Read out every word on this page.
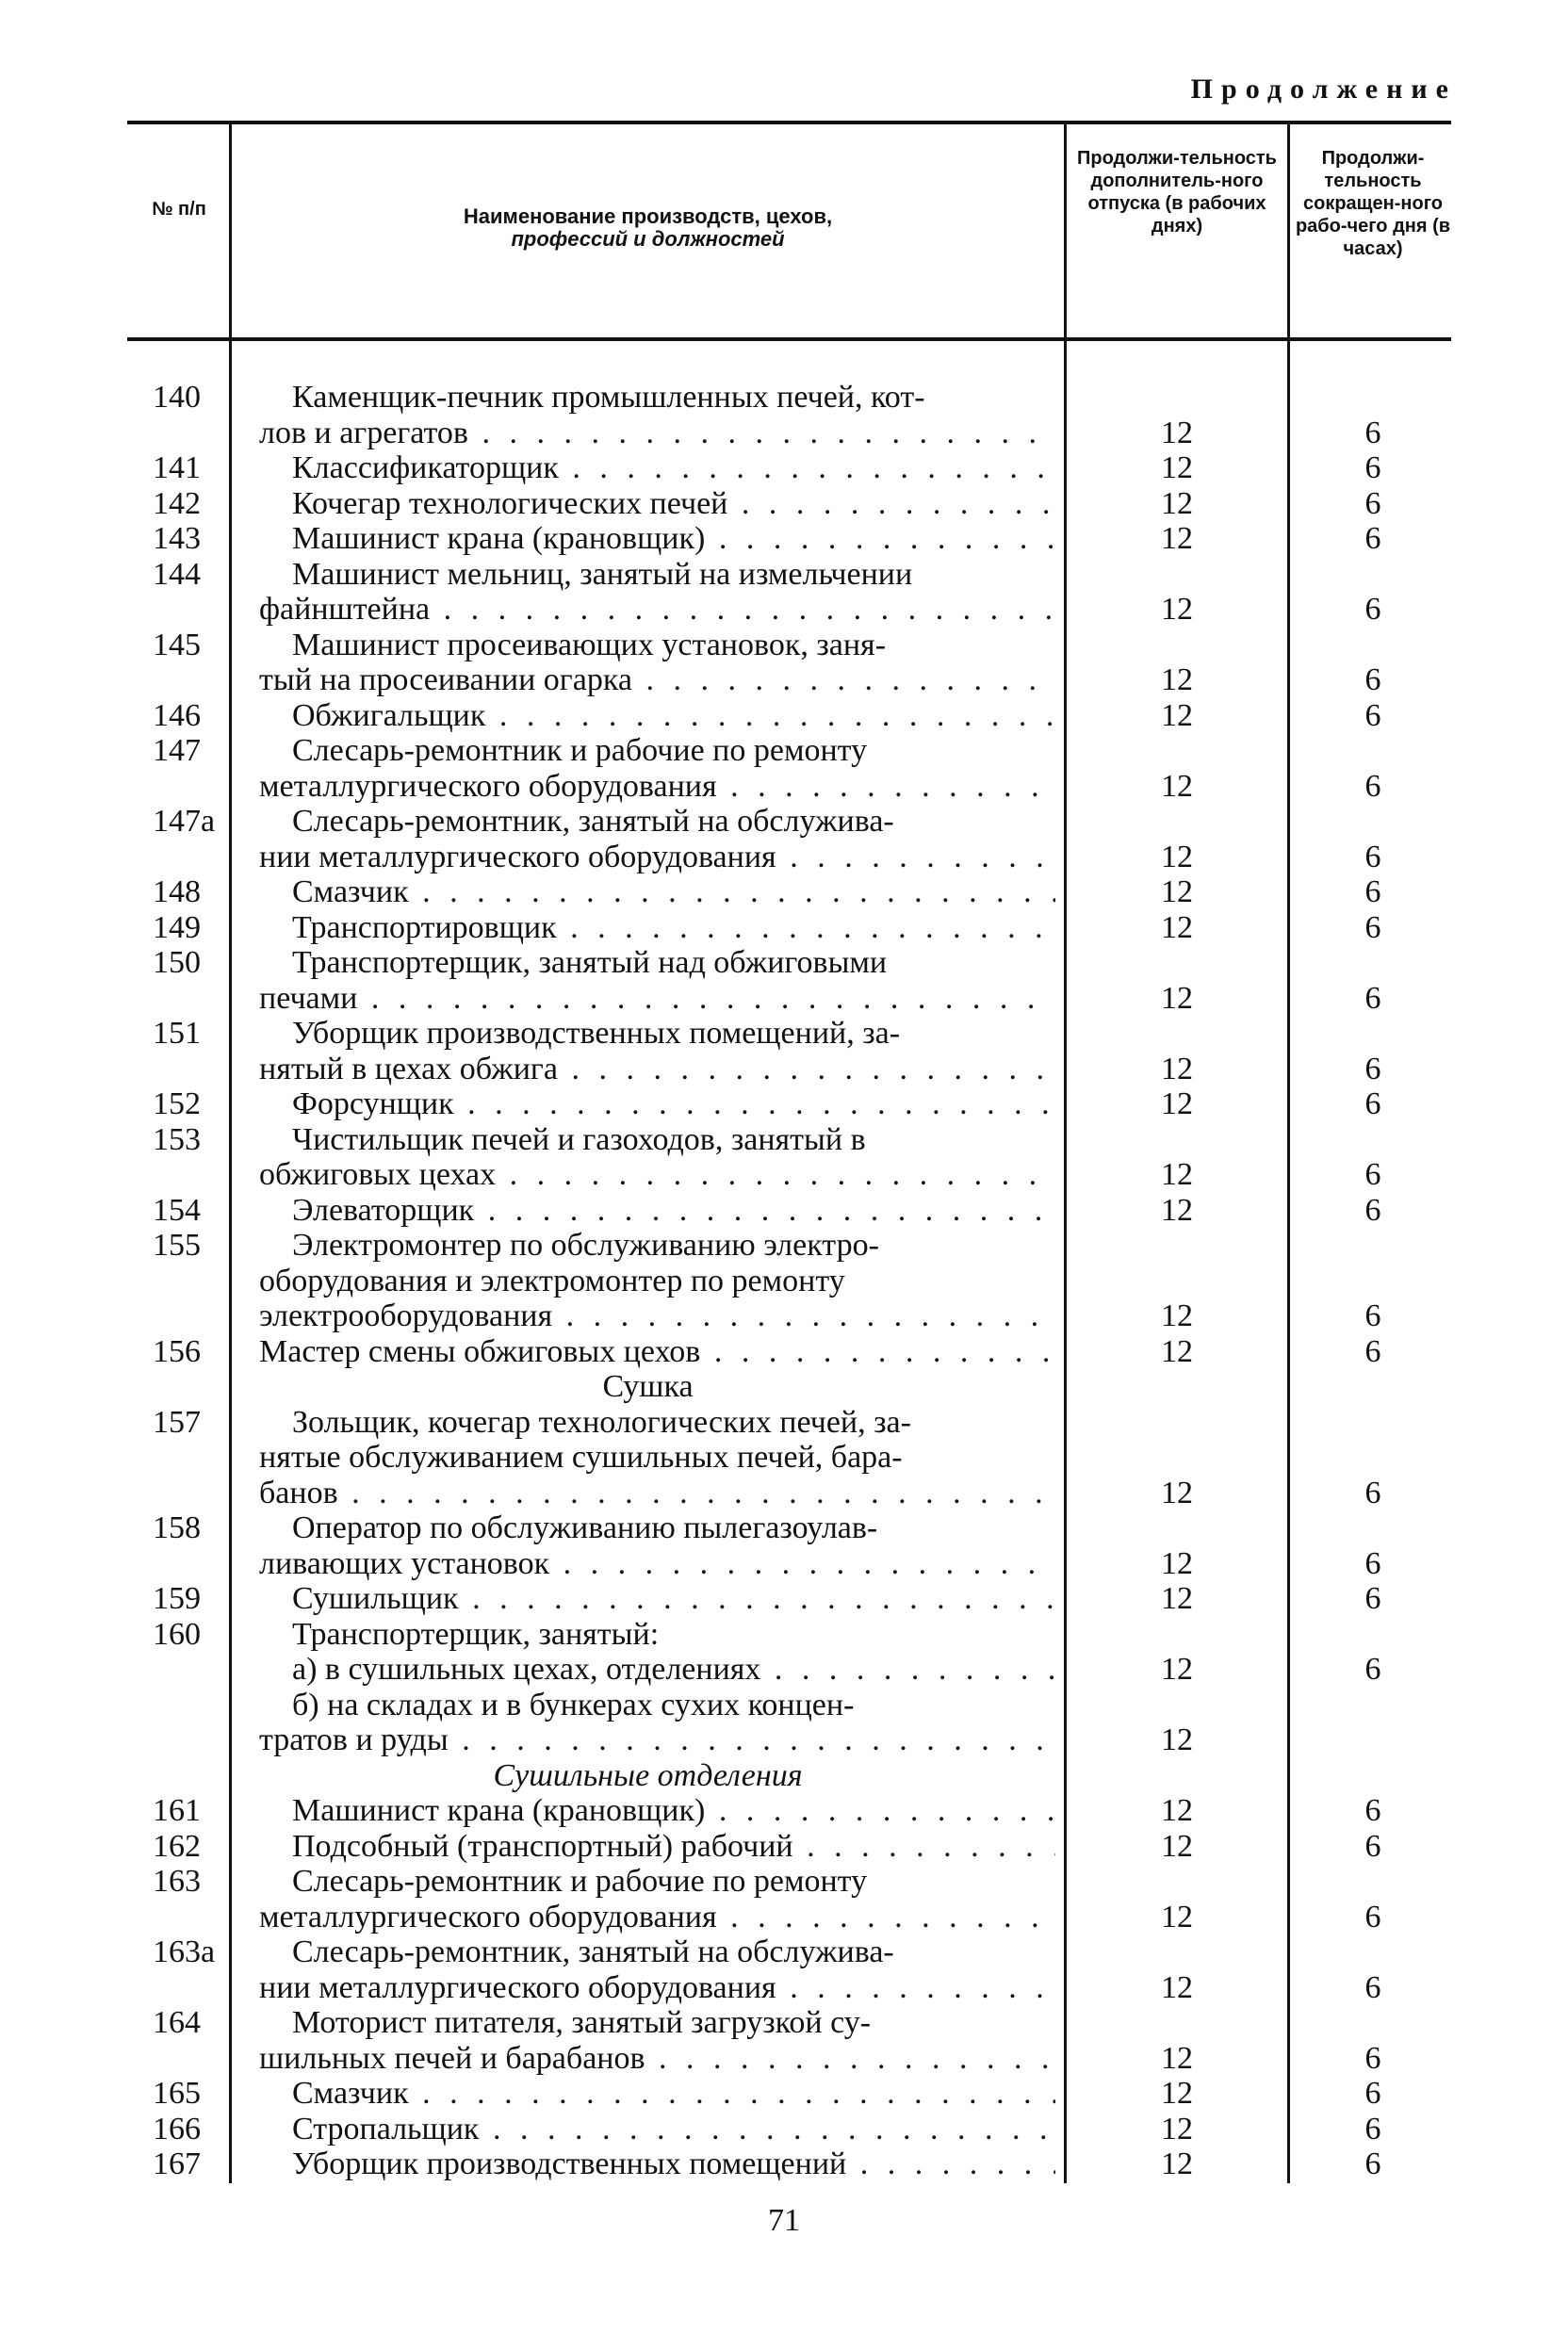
Продолжение
№ п/п	Наименование производств, цехов,
профессий и должностей
Продолжи-тельность дополнитель-ного отпуска (в рабочих днях)
Продолжи-тельность сокращен-ного рабо-чего дня (в часах)
140	Каменщик-печник промышленных печей, кот-
лов и агрегатов . . .	12	6
141	Классификаторщик . . .	12	6
142	Кочегар технологических печей . . .	12	6
143	Машинист крана (крановщик) . . .	12	6
144	Машинист мельниц, занятый на измельчении
файнштейна . . .	12	6
145	Машинист просеивающих установок, заня-
тый на просеивании огарка . . .	12	6
146	Обжигальщик . . .	12	6
147	Слесарь-ремонтник и рабочие по ремонту
металлургического оборудования . . .	12	6
147а	Слесарь-ремонтник, занятый на обслужива-
нии металлургического оборудования . . .	12	6
148	Смазчик . . .	12	6
149	Транспортировщик . . .	12	6
150	Транспортерщик, занятый над обжиговыми
печами . . .	12	6
151	Уборщик производственных помещений, за-
нятый в цехах обжига . . .	12	6
152	Форсунщик . . .	12	6
153	Чистильщик печей и газоходов, занятый в
обжиговых цехах . . .	12	6
154	Элеваторщик . . .	12	6
155	Электромонтер по обслуживанию электро-
оборудования и электромонтер по ремонту
электрооборудования . . .	12	6
156	Мастер смены обжиговых цехов . . .	12	6
Сушка
157	Зольщик, кочегар технологических печей, за-
нятые обслуживанием сушильных печей, бара-
банов . . .	12	6
158	Оператор по обслуживанию пылегазоулав-
ливающих установок . . .	12	6
159	Сушильщик . . .	12	6
160	Транспортерщик, занятый:
а) в сушильных цехах, отделениях . . .	12	6
б) на складах и в бункерах сухих концен-
тратов и руды . . .	12
Сушильные отделения
161	Машинист крана (крановщик) . . .	12	6
162	Подсобный (транспортный) рабочий . . .	12	6
163	Слесарь-ремонтник и рабочие по ремонту
металлургического оборудования . . .	12	6
163а	Слесарь-ремонтник, занятый на обслужива-
нии металлургического оборудования . . .	12	6
164	Моторист питателя, занятый загрузкой су-
шильных печей и барабанов . . .	12	6
165	Смазчик . . .	12	6
166	Стропальщик . . .	12	6
167	Уборщик производственных помещений . . .	12	6
71
